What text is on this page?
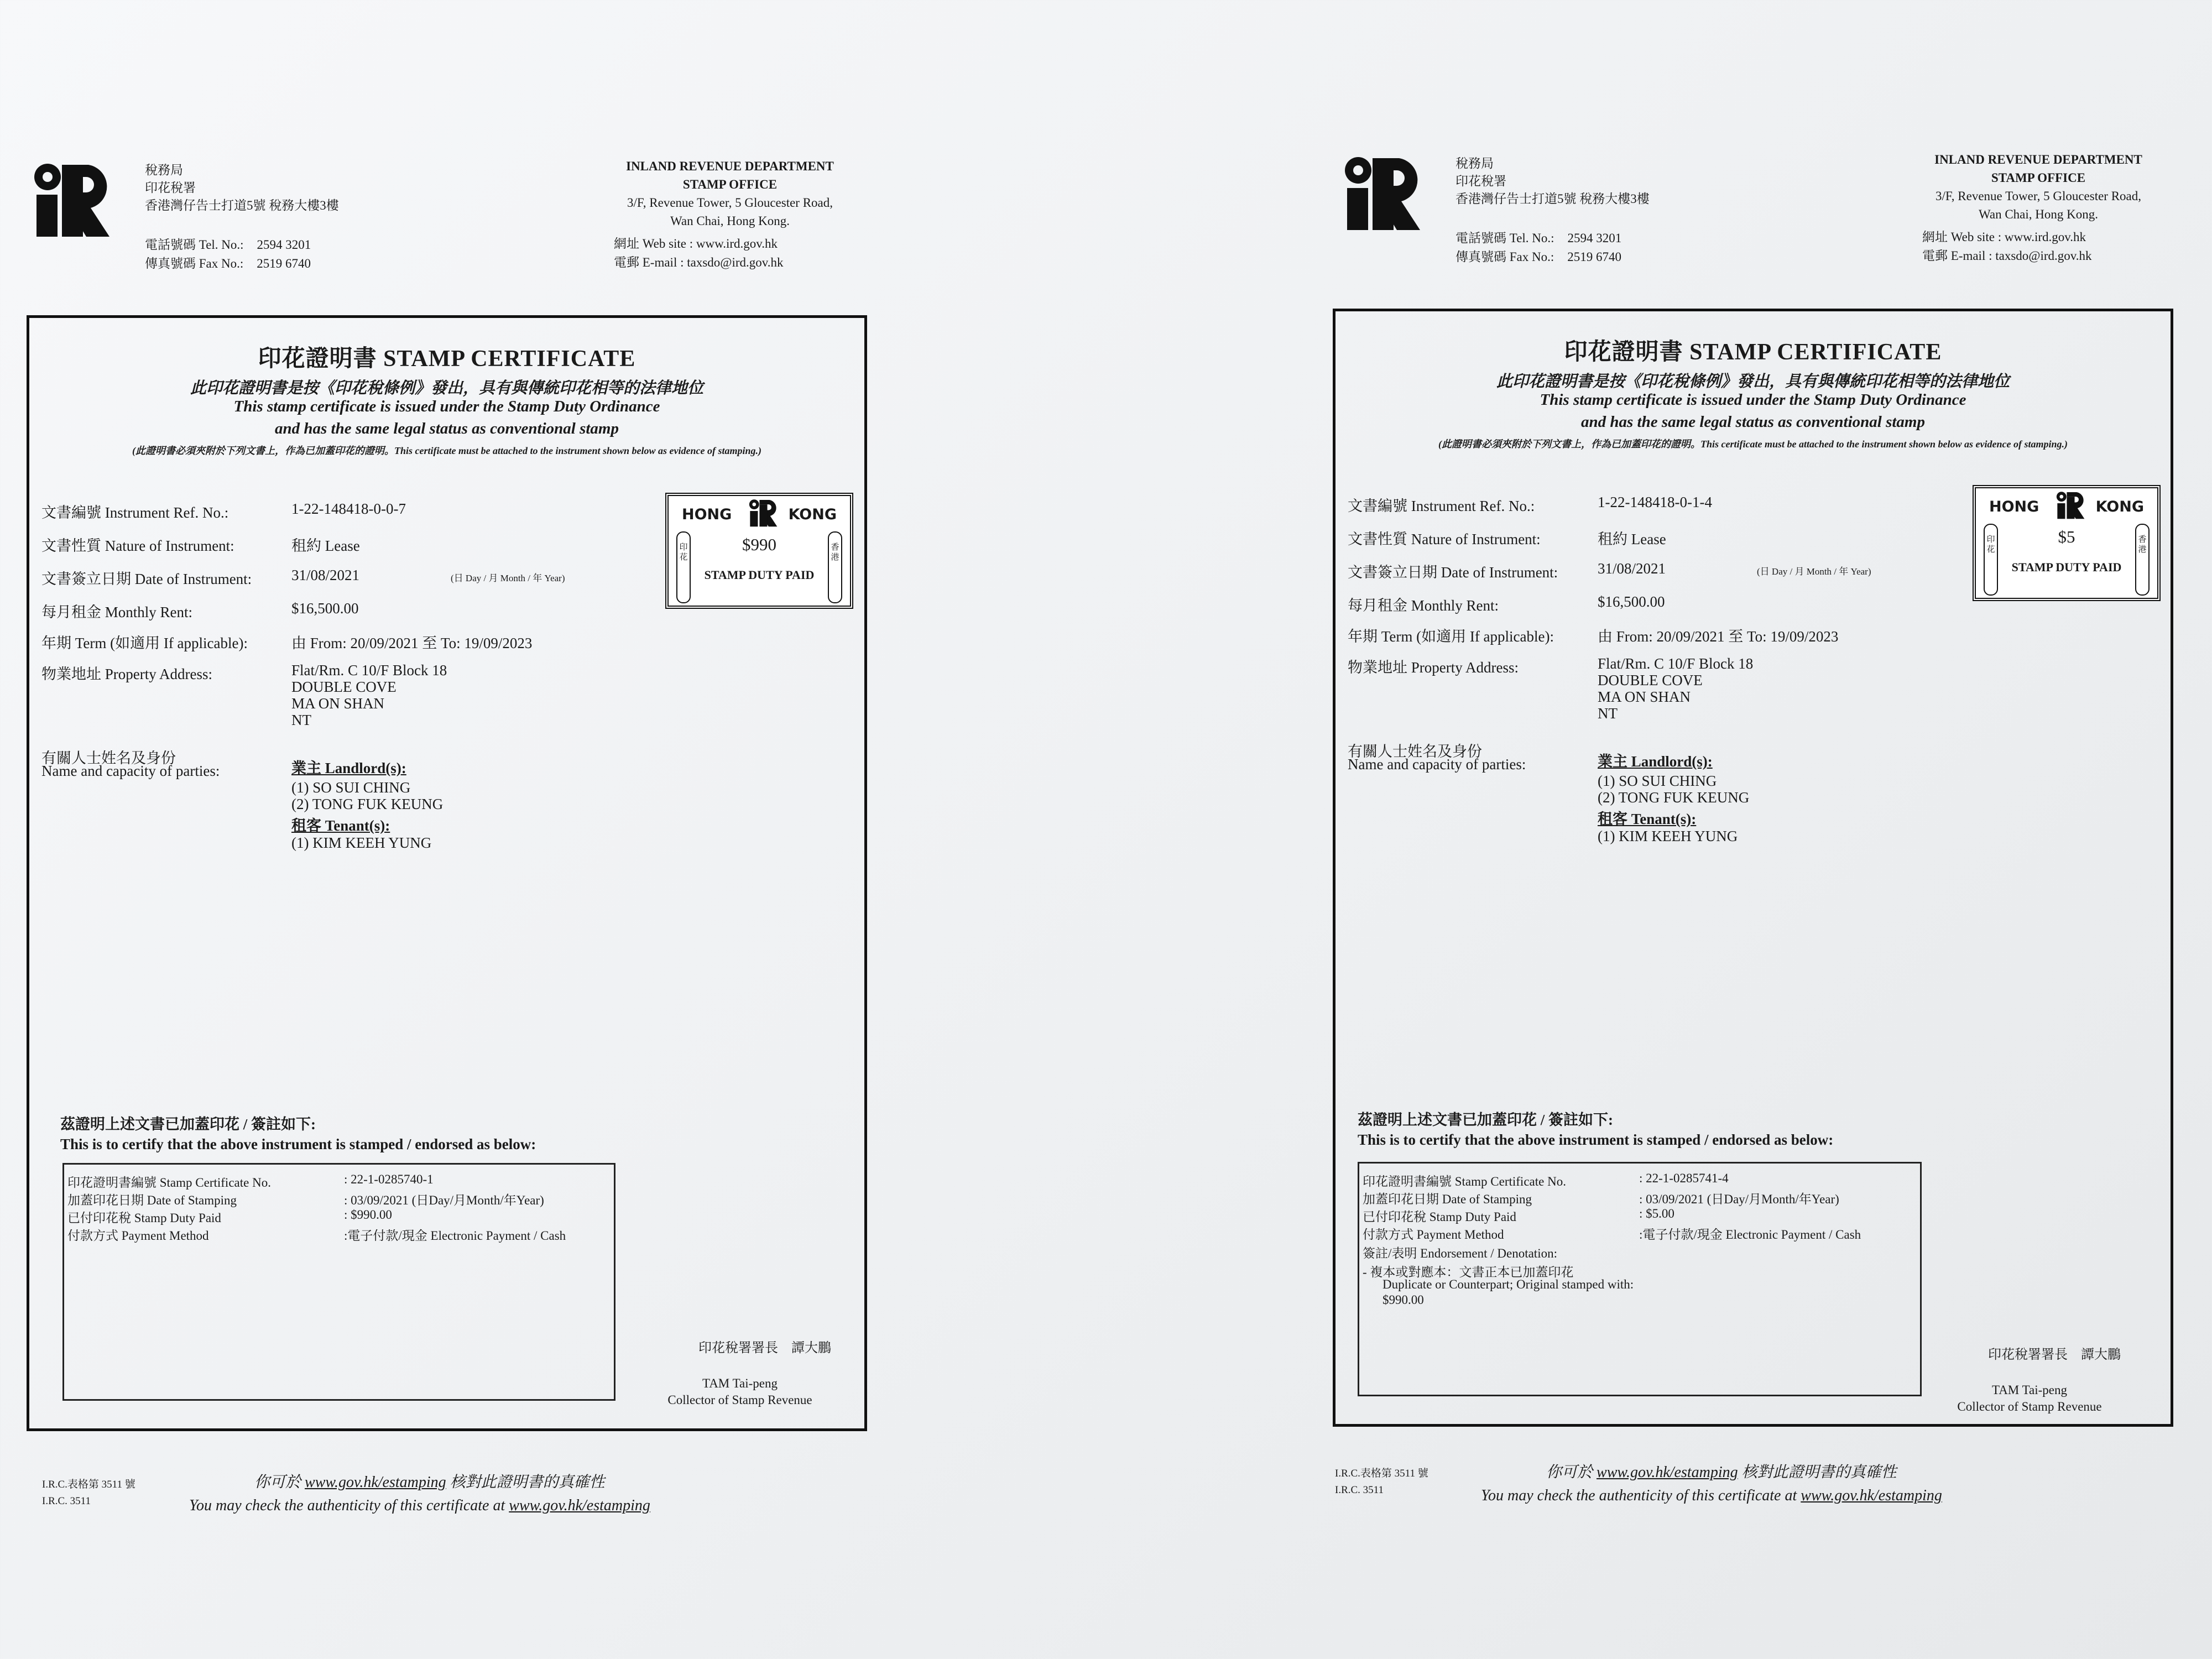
稅務局
印花稅署
香港灣仔告士打道5號 稅務大樓3樓
電話號碼 Tel. No.: 2594 3201
傳真號碼 Fax No.: 2519 6740
INLAND REVENUE DEPARTMENT
STAMP OFFICE
3/F, Revenue Tower, 5 Gloucester Road,
Wan Chai, Hong Kong.
網址 Web site : www.ird.gov.hk
電郵 E-mail : taxsdo@ird.gov.hk
印花證明書 STAMP CERTIFICATE
此印花證明書是按《印花稅條例》發出，具有與傳統印花相等的法律地位
This stamp certificate is issued under the Stamp Duty Ordinance
and has the same legal status as conventional stamp
(此證明書必須夾附於下列文書上，作為已加蓋印花的證明。This certificate must be attached to the instrument shown below as evidence of stamping.)
文書編號 Instrument Ref. No.:	1-22-148418-0-0-7
文書性質 Nature of Instrument:	租約 Lease
文書簽立日期 Date of Instrument:	31/08/2021	(日 Day / 月 Month / 年 Year)
每月租金 Monthly Rent:	$16,500.00
年期 Term (如適用 If applicable):	由 From: 20/09/2021 至 To: 19/09/2023
物業地址 Property Address:	Flat/Rm. C 10/F Block 18
DOUBLE COVE
MA ON SHAN
NT
有關人士姓名及身份
Name and capacity of parties:	業主 Landlord(s):
(1) SO SUI CHING
(2) TONG FUK KEUNG
租客 Tenant(s):
(1) KIM KEEH YUNG
HONG	KONG
印花
香港
$990
STAMP DUTY PAID
茲證明上述文書已加蓋印花 / 簽註如下:
This is to certify that the above instrument is stamped / endorsed as below:
印花證明書編號 Stamp Certificate No.	: 22-1-0285740-1
加蓋印花日期 Date of Stamping	: 03/09/2021 (日Day/月Month/年Year)
已付印花稅 Stamp Duty Paid	: $990.00
付款方式 Payment Method	:電子付款/現金 Electronic Payment / Cash
印花稅署署長　譚大鵬
TAM Tai-peng
Collector of Stamp Revenue
I.R.C.表格第 3511 號
I.R.C. 3511
你可於 www.gov.hk/estamping 核對此證明書的真確性
You may check the authenticity of this certificate at www.gov.hk/estamping
稅務局
印花稅署
香港灣仔告士打道5號 稅務大樓3樓
電話號碼 Tel. No.: 2594 3201
傳真號碼 Fax No.: 2519 6740
INLAND REVENUE DEPARTMENT
STAMP OFFICE
3/F, Revenue Tower, 5 Gloucester Road,
Wan Chai, Hong Kong.
網址 Web site : www.ird.gov.hk
電郵 E-mail : taxsdo@ird.gov.hk
印花證明書 STAMP CERTIFICATE
此印花證明書是按《印花稅條例》發出，具有與傳統印花相等的法律地位
This stamp certificate is issued under the Stamp Duty Ordinance
and has the same legal status as conventional stamp
(此證明書必須夾附於下列文書上，作為已加蓋印花的證明。This certificate must be attached to the instrument shown below as evidence of stamping.)
文書編號 Instrument Ref. No.:	1-22-148418-0-1-4
文書性質 Nature of Instrument:	租約 Lease
文書簽立日期 Date of Instrument:	31/08/2021	(日 Day / 月 Month / 年 Year)
每月租金 Monthly Rent:	$16,500.00
年期 Term (如適用 If applicable):	由 From: 20/09/2021 至 To: 19/09/2023
物業地址 Property Address:	Flat/Rm. C 10/F Block 18
DOUBLE COVE
MA ON SHAN
NT
有關人士姓名及身份
Name and capacity of parties:	業主 Landlord(s):
(1) SO SUI CHING
(2) TONG FUK KEUNG
租客 Tenant(s):
(1) KIM KEEH YUNG
HONG	KONG
印花
香港
$5
STAMP DUTY PAID
茲證明上述文書已加蓋印花 / 簽註如下:
This is to certify that the above instrument is stamped / endorsed as below:
印花證明書編號 Stamp Certificate No.	: 22-1-0285741-4
加蓋印花日期 Date of Stamping	: 03/09/2021 (日Day/月Month/年Year)
已付印花稅 Stamp Duty Paid	: $5.00
付款方式 Payment Method	:電子付款/現金 Electronic Payment / Cash
簽註/表明 Endorsement / Denotation:
- 複本或對應本：文書正本已加蓋印花
Duplicate or Counterpart; Original stamped with:
$990.00
印花稅署署長　譚大鵬
TAM Tai-peng
Collector of Stamp Revenue
I.R.C.表格第 3511 號
I.R.C. 3511
你可於 www.gov.hk/estamping 核對此證明書的真確性
You may check the authenticity of this certificate at www.gov.hk/estamping
